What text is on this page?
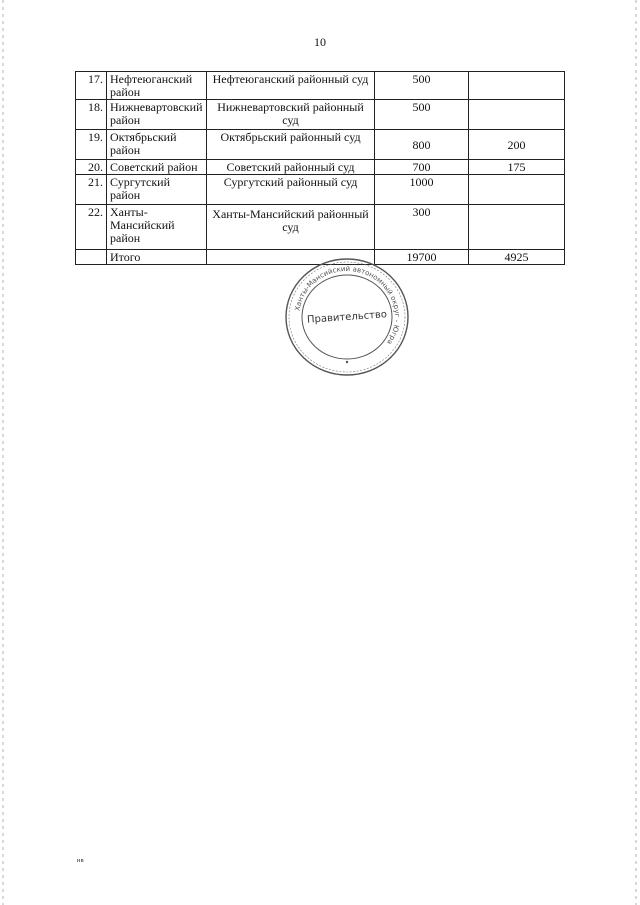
10
17.	Нефтеюганский район	Нефтеюганский районный суд	500	
18.	Нижневартовский район	Нижневартовский районный суд	500	
19.	Октябрьский район	Октябрьский районный суд	800	200
20.	Советский район	Советский районный суд	700	175
21.	Сургутский район	Сургутский районный суд	1000	
22.	Ханты-Мансийский район	Ханты-Мансийский районный суд	300	
	Итого		19700	4925
Ханты-Мансийский автономный округ - Югра
Правительство
нв
